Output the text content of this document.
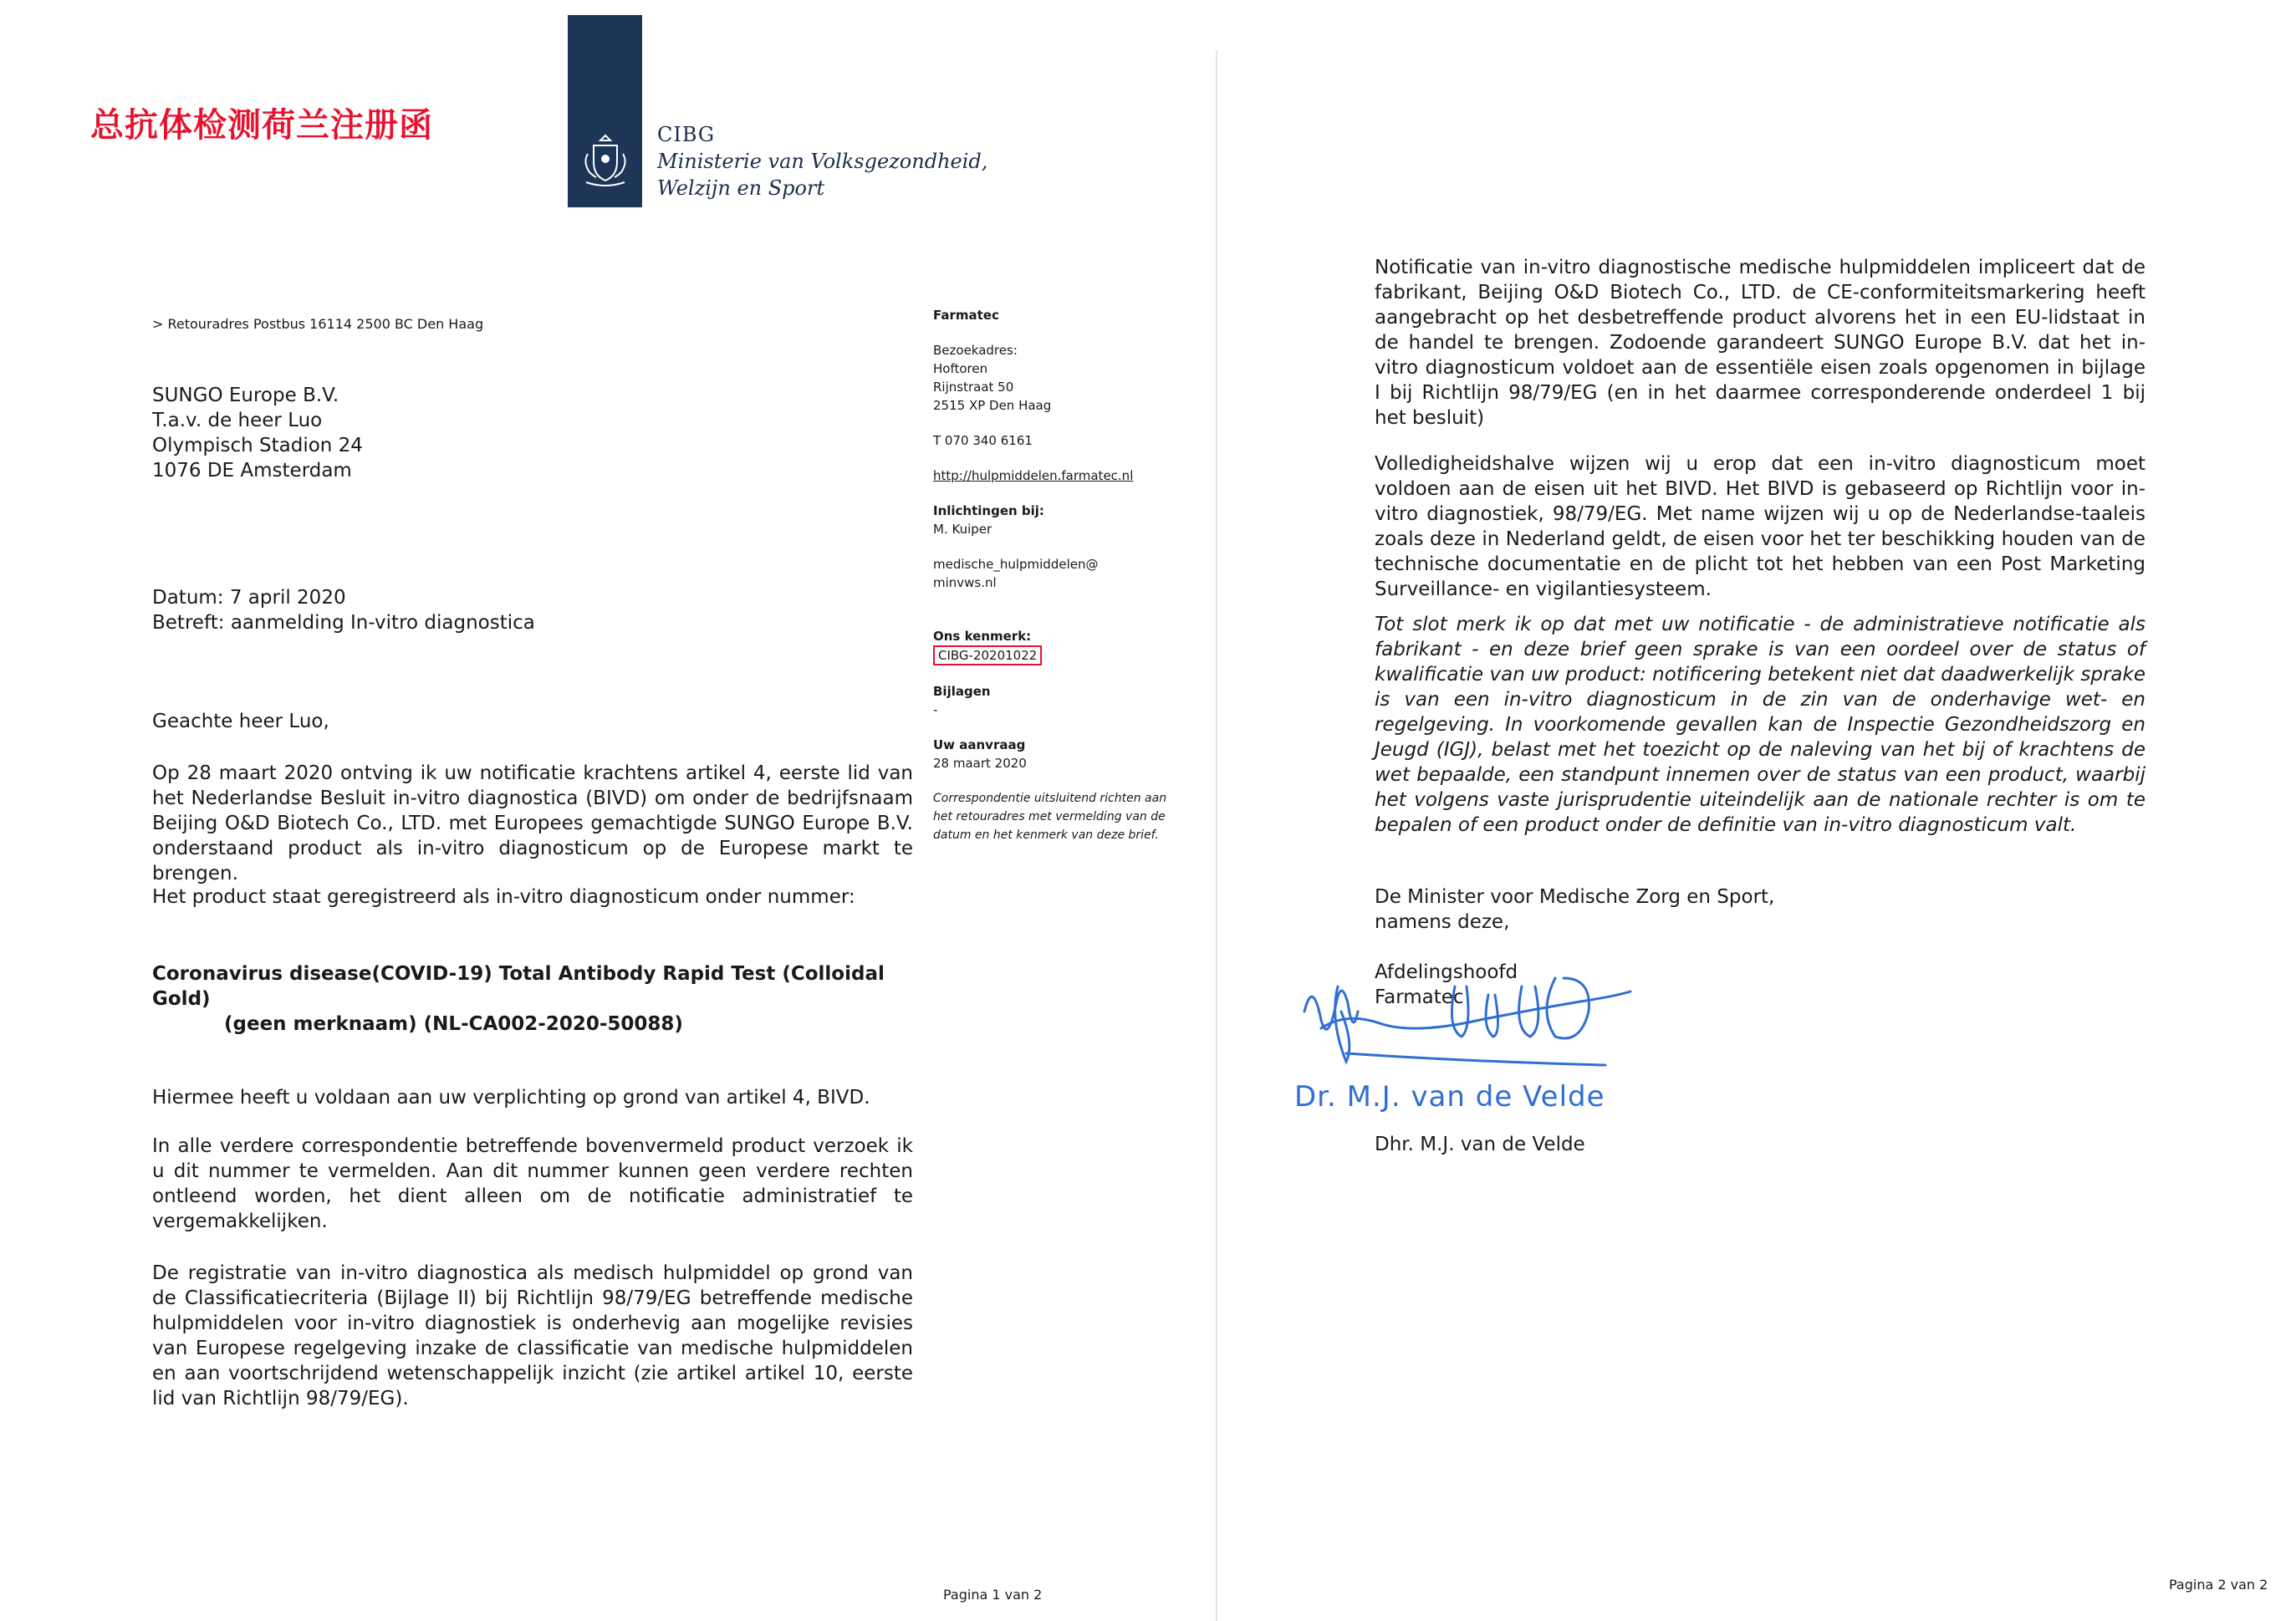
总抗体检测荷兰注册函	CIBG
Ministerie van Volksgezondheid,
Welzijn en Sport
> Retouradres Postbus 16114 2500 BC Den Haag
SUNGO Europe B.V.
T.a.v. de heer Luo
Olympisch Stadion 24
1076 DE Amsterdam
Datum: 7 april 2020
Betreft: aanmelding In-vitro diagnostica
Geachte heer Luo,
Op 28 maart 2020 ontving ik uw notificatie krachtens artikel 4, eerste lid van het Nederlandse Besluit in-vitro diagnostica (BIVD) om onder de bedrijfsnaam Beijing O&D Biotech Co., LTD. met Europees gemachtigde SUNGO Europe B.V. onderstaand product als in-vitro diagnosticum op de Europese markt te brengen.
Het product staat geregistreerd als in-vitro diagnosticum onder nummer:
Coronavirus disease(COVID-19) Total Antibody Rapid Test (Colloidal Gold)
(geen merknaam) (NL-CA002-2020-50088)
Hiermee heeft u voldaan aan uw verplichting op grond van artikel 4, BIVD.
In alle verdere correspondentie betreffende bovenvermeld product verzoek ik u dit nummer te vermelden. Aan dit nummer kunnen geen verdere rechten ontleend worden, het dient alleen om de notificatie administratief te vergemakkelijken.
De registratie van in-vitro diagnostica als medisch hulpmiddel op grond van de Classificatiecriteria (Bijlage II) bij Richtlijn 98/79/EG betreffende medische hulpmiddelen voor in-vitro diagnostiek is onderhevig aan mogelijke revisies van Europese regelgeving inzake de classificatie van medische hulpmiddelen en aan voortschrijdend wetenschappelijk inzicht (zie artikel artikel 10, eerste lid van Richtlijn 98/79/EG).
Pagina 1 van 2
Farmatec
Bezoekadres:
Hoftoren
Rijnstraat 50
2515 XP Den Haag
T 070 340 6161
http://hulpmiddelen.farmatec.nl
Inlichtingen bij:
M. Kuiper
medische_hulpmiddelen@
minvws.nl
Ons kenmerk:
CIBG-20201022
Bijlagen
-
Uw aanvraag
28 maart 2020
Correspondentie uitsluitend richten aan het retouradres met vermelding van de datum en het kenmerk van deze brief.
Notificatie van in-vitro diagnostische medische hulpmiddelen impliceert dat de fabrikant, Beijing O&D Biotech Co., LTD. de CE-conformiteitsmarkering heeft aangebracht op het desbetreffende product alvorens het in een EU-lidstaat in de handel te brengen. Zodoende garandeert SUNGO Europe B.V. dat het in-vitro diagnosticum voldoet aan de essentiële eisen zoals opgenomen in bijlage I bij Richtlijn 98/79/EG (en in het daarmee corresponderende onderdeel 1 bij het besluit)
Volledigheidshalve wijzen wij u erop dat een in-vitro diagnosticum moet voldoen aan de eisen uit het BIVD. Het BIVD is gebaseerd op Richtlijn voor in-vitro diagnostiek, 98/79/EG. Met name wijzen wij u op de Nederlandse-taaleis zoals deze in Nederland geldt, de eisen voor het ter beschikking houden van de technische documentatie en de plicht tot het hebben van een Post Marketing Surveillance- en vigilantiesysteem.
Tot slot merk ik op dat met uw notificatie - de administratieve notificatie als fabrikant - en deze brief geen sprake is van een oordeel over de status of kwalificatie van uw product: notificering betekent niet dat daadwerkelijk sprake is van een in-vitro diagnosticum in de zin van de onderhavige wet- en regelgeving. In voorkomende gevallen kan de Inspectie Gezondheidszorg en Jeugd (IGJ), belast met het toezicht op de naleving van het bij of krachtens de wet bepaalde, een standpunt innemen over de status van een product, waarbij het volgens vaste jurisprudentie uiteindelijk aan de nationale rechter is om te bepalen of een product onder de definitie van in-vitro diagnosticum valt.
De Minister voor Medische Zorg en Sport,
namens deze,
Afdelingshoofd
Farmatec
Dr. M.J. van de Velde
Dhr. M.J. van de Velde
Pagina 2 van 2
